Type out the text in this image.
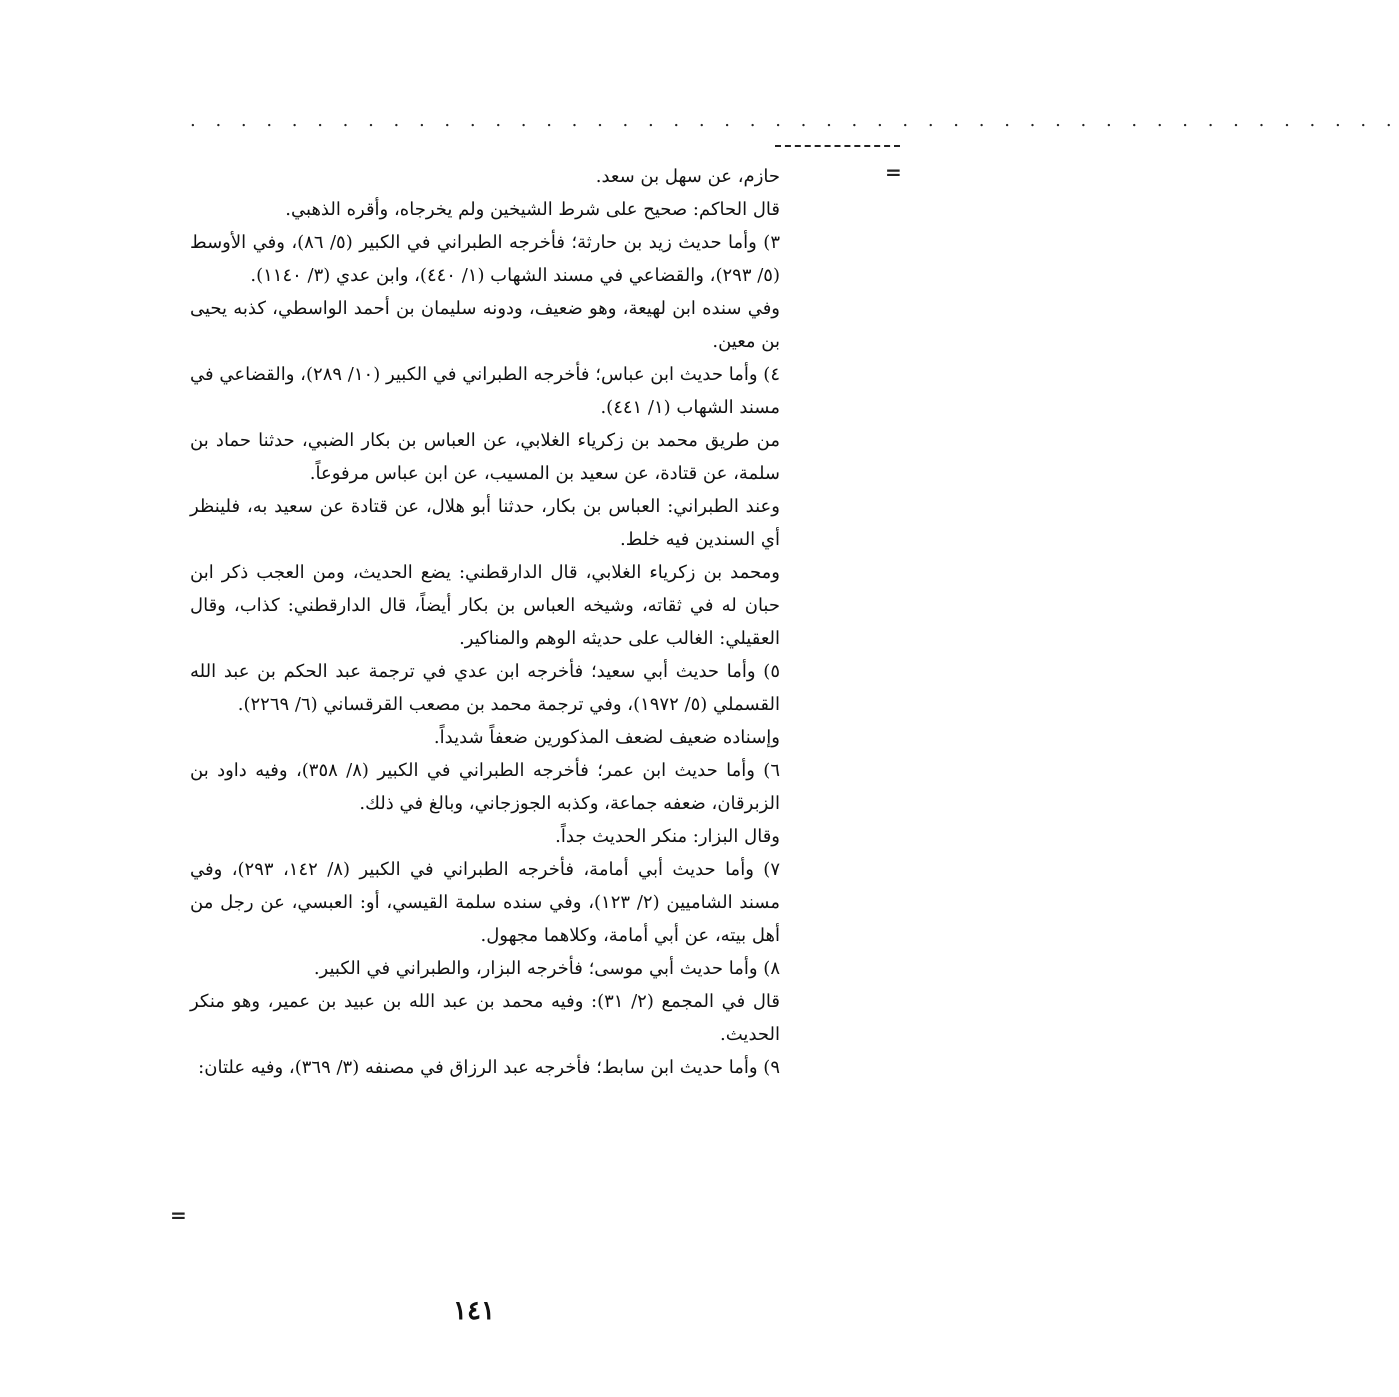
. . . . . . . . . . . . . . . . . . . . . . . . . . . . . . . . . . . . . . . . . . . . . . . .
=
=

حازم، عن سهل بن سعد.

قال الحاكم: صحيح على شرط الشيخين ولم يخرجاه، وأقره الذهبي.

٣) وأما حديث زيد بن حارثة؛ فأخرجه الطبراني في الكبير (٥/ ٨٦)، وفي الأوسط (٥/ ٢٩٣)، والقضاعي في مسند الشهاب (١/ ٤٤٠)، وابن عدي (٣/ ١١٤٠).

وفي سنده ابن لهيعة، وهو ضعيف، ودونه سليمان بن أحمد الواسطي، كذبه يحيى بن معين.

٤) وأما حديث ابن عباس؛ فأخرجه الطبراني في الكبير (١٠/ ٢٨٩)، والقضاعي في مسند الشهاب (١/ ٤٤١).

من طريق محمد بن زكرياء الغلابي، عن العباس بن بكار الضبي، حدثنا حماد بن سلمة، عن قتادة، عن سعيد بن المسيب، عن ابن عباس مرفوعاً.

وعند الطبراني: العباس بن بكار، حدثنا أبو هلال، عن قتادة عن سعيد به، فلينظر أي السندين فيه خلط.

ومحمد بن زكرياء الغلابي، قال الدارقطني: يضع الحديث، ومن العجب ذكر ابن حبان له في ثقاته، وشيخه العباس بن بكار أيضاً، قال الدارقطني: كذاب، وقال العقيلي: الغالب على حديثه الوهم والمناكير.

٥) وأما حديث أبي سعيد؛ فأخرجه ابن عدي في ترجمة عبد الحكم بن عبد الله القسملي (٥/ ١٩٧٢)، وفي ترجمة محمد بن مصعب القرقساني (٦/ ٢٢٦٩).

وإسناده ضعيف لضعف المذكورين ضعفاً شديداً.

٦) وأما حديث ابن عمر؛ فأخرجه الطبراني في الكبير (٨/ ٣٥٨)، وفيه داود بن الزبرقان، ضعفه جماعة، وكذبه الجوزجاني، وبالغ في ذلك.

وقال البزار: منكر الحديث جداً.

٧) وأما حديث أبي أمامة، فأخرجه الطبراني في الكبير (٨/ ١٤٢، ٢٩٣)، وفي مسند الشاميين (٢/ ١٢٣)، وفي سنده سلمة القيسي، أو: العبسي، عن رجل من أهل بيته، عن أبي أمامة، وكلاهما مجهول.

٨) وأما حديث أبي موسى؛ فأخرجه البزار، والطبراني في الكبير.

قال في المجمع (٢/ ٣١): وفيه محمد بن عبد الله بن عبيد بن عمير، وهو منكر الحديث.

٩) وأما حديث ابن سابط؛ فأخرجه عبد الرزاق في مصنفه (٣/ ٣٦٩)، وفيه علتان:

١٤١
